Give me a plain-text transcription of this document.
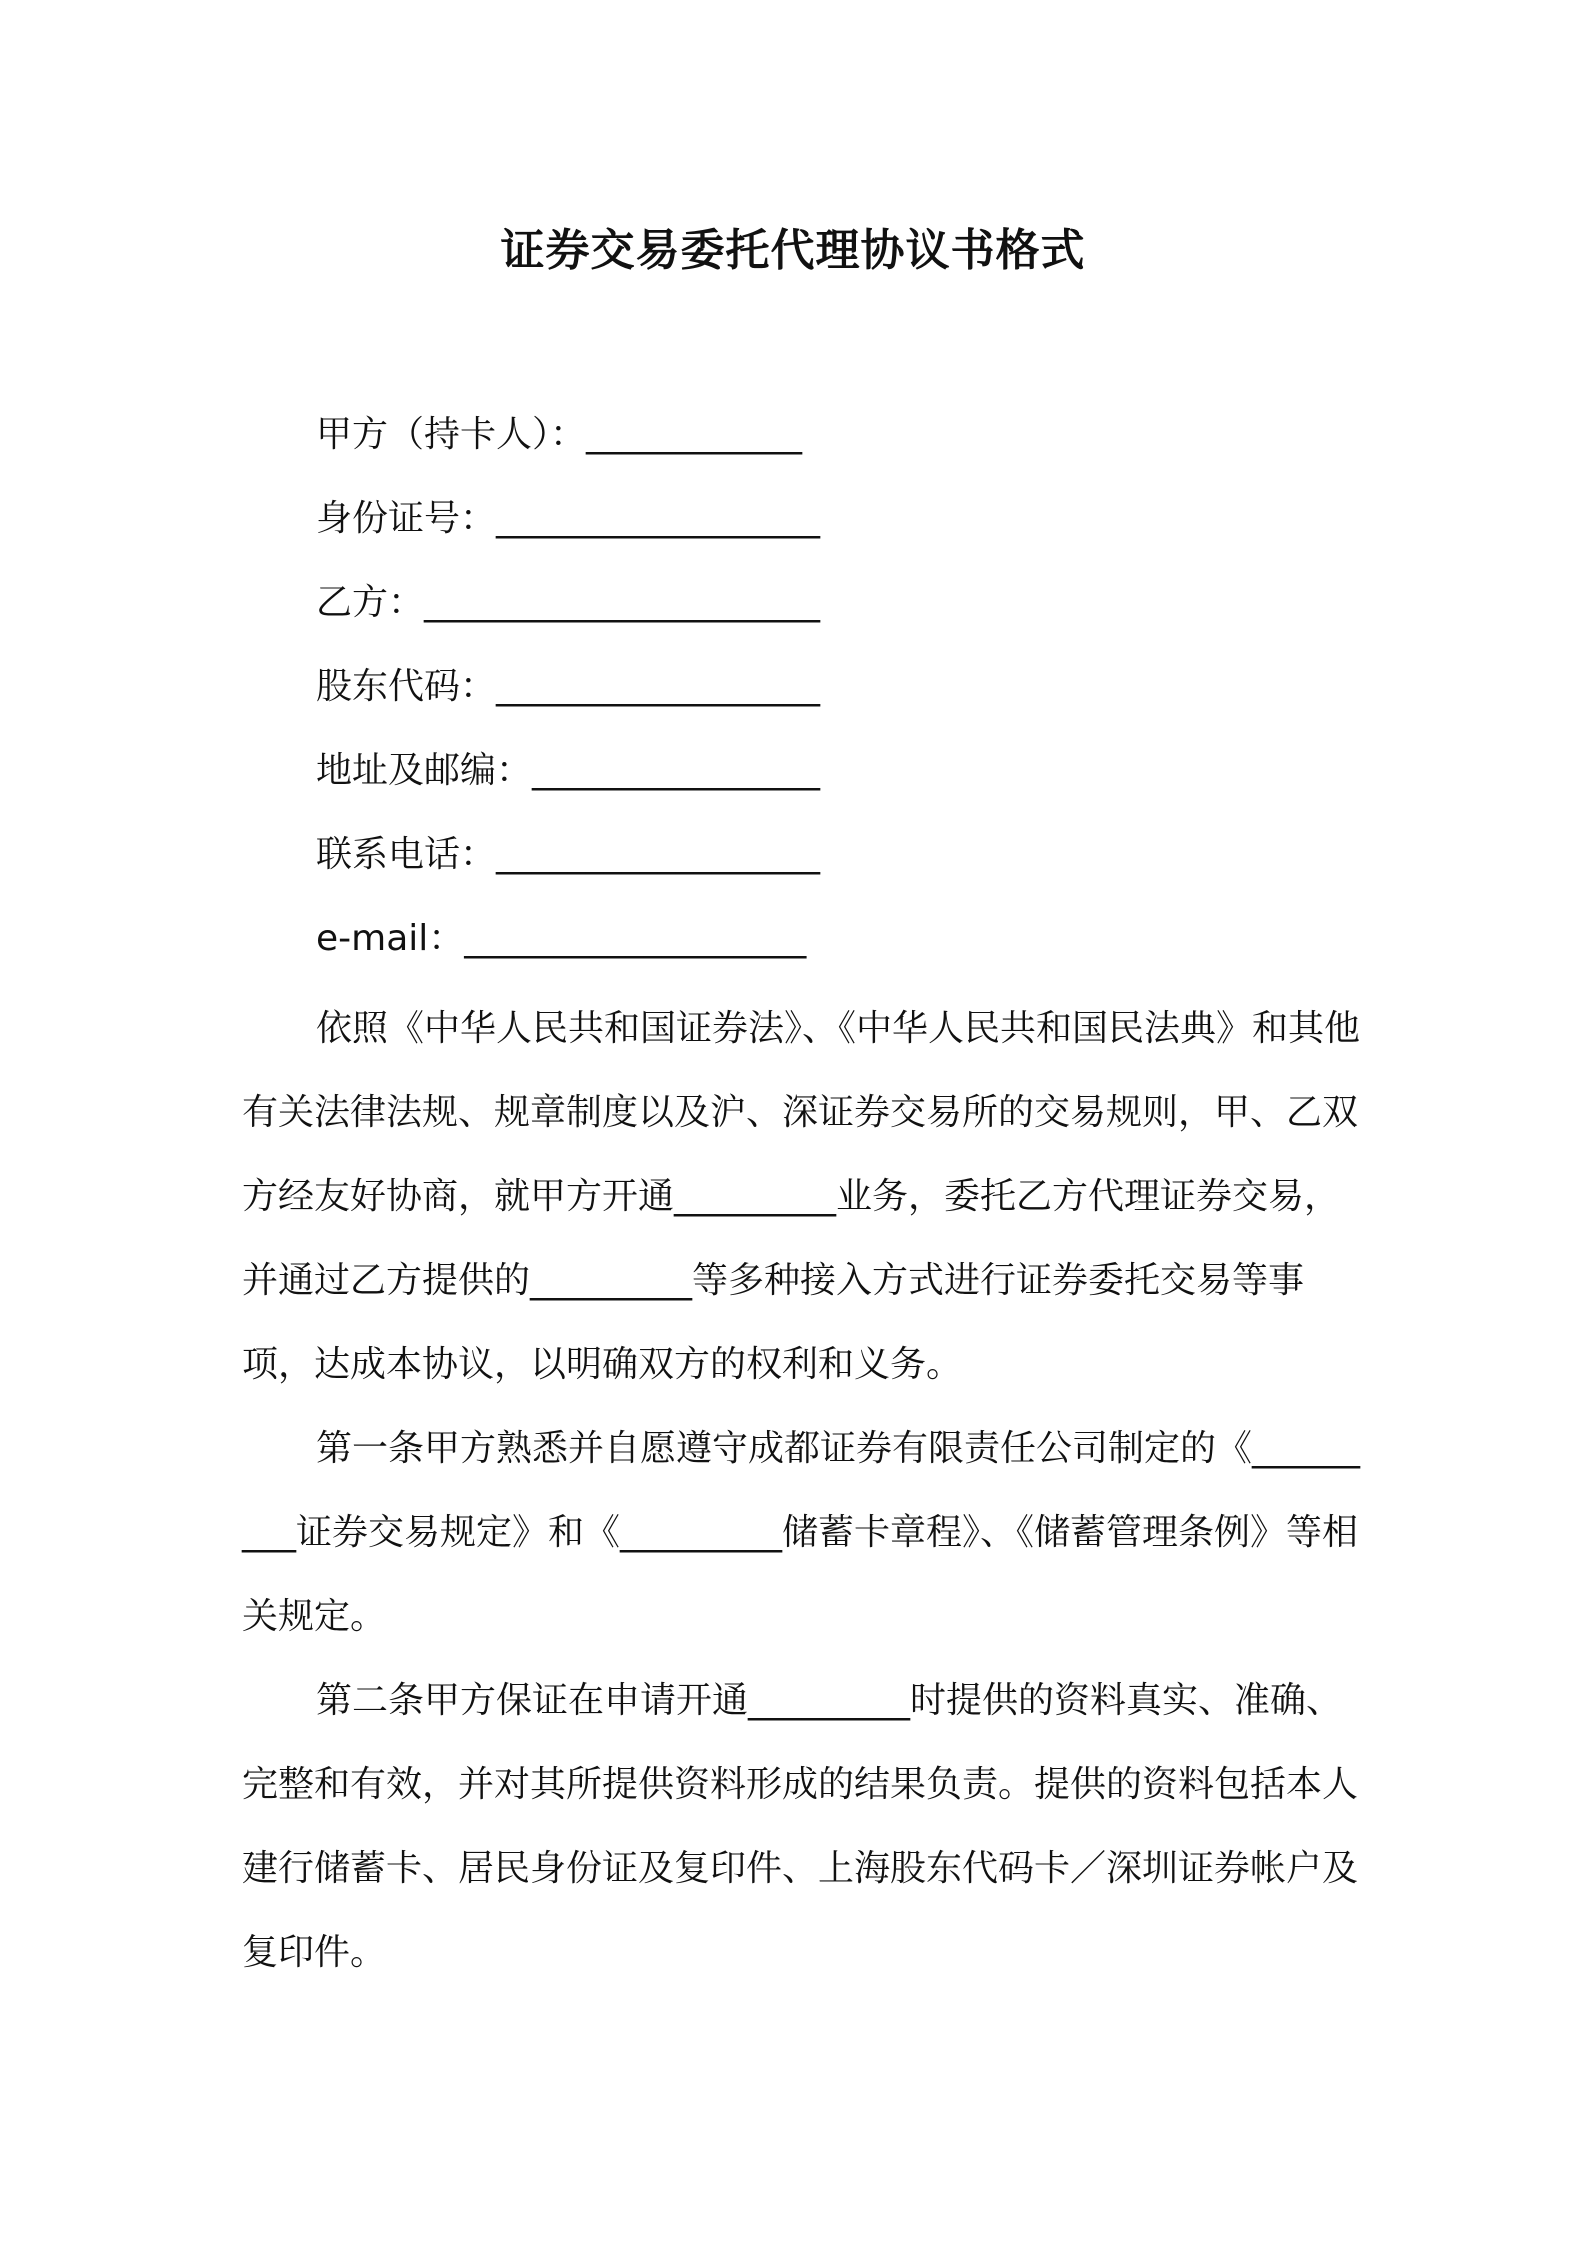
证券交易委托代理协议书格式
甲方（持卡人）：____________
身份证号：__________________
乙方：______________________
股东代码：__________________
地址及邮编：________________
联系电话：__________________
e-mail：___________________

依照《中华人民共和国证券法》、《中华人民共和国民法典》和其他有关法律法规、规章制度以及沪、深证券交易所的交易规则，甲、乙双方经友好协商，就甲方开通_________业务，委托乙方代理证券交易，并通过乙方提供的_________等多种接入方式进行证券委托交易等事项，达成本协议，以明确双方的权利和义务。

第一条甲方熟悉并自愿遵守成都证券有限责任公司制定的《_________证券交易规定》和《_________储蓄卡章程》、《储蓄管理条例》等相关规定。

第二条甲方保证在申请开通_________时提供的资料真实、准确、完整和有效，并对其所提供资料形成的结果负责。提供的资料包括本人建行储蓄卡、居民身份证及复印件、上海股东代码卡／深圳证券帐户及复印件。
